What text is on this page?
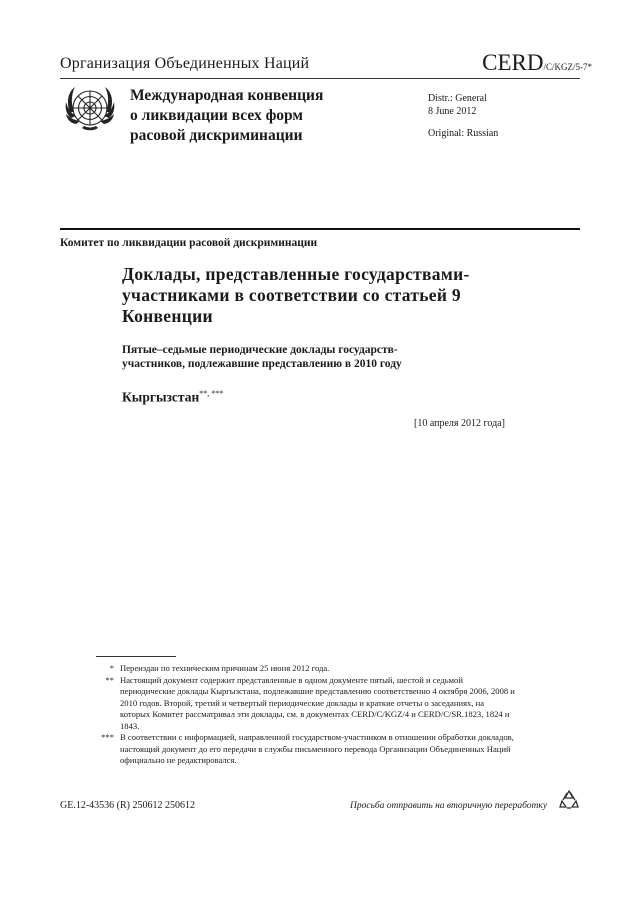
Организация Объединенных Наций	CERD/C/KGZ/5-7*
Международная конвенция
о ликвидации всех форм
расовой дискриминации
Distr.: General
8 June 2012
Original: Russian
Комитет по ликвидации расовой дискриминации
Доклады, представленные государствами-
участниками в соответствии со статьей 9
Конвенции
Пятые–седьмые периодические доклады государств-
участников, подлежавшие представлению в 2010 году
Кыргызстан**, ***
[10 апреля 2012 года]
* Переиздан по техническим причинам 25 июня 2012 года.
** Настоящий документ содержит представленные в одном документе пятый, шестой и седьмой периодические доклады Кыргызстана, подлежавшие представлению соответственно 4 октября 2006, 2008 и 2010 годов. Второй, третий и четвертый периодические доклады и краткие отчеты о заседаниях, на которых Комитет рассматривал эти доклады, см. в документах CERD/C/KGZ/4 и CERD/C/SR.1823, 1824 и 1843.
*** В соответствии с информацией, направленной государством-участником в отношении обработки докладов, настоящий документ до его передачи в службы письменного перевода Организации Объединенных Наций официально не редактировался.
GE.12-43536 (R) 250612 250612	Просьба отправить на вторичную переработку
